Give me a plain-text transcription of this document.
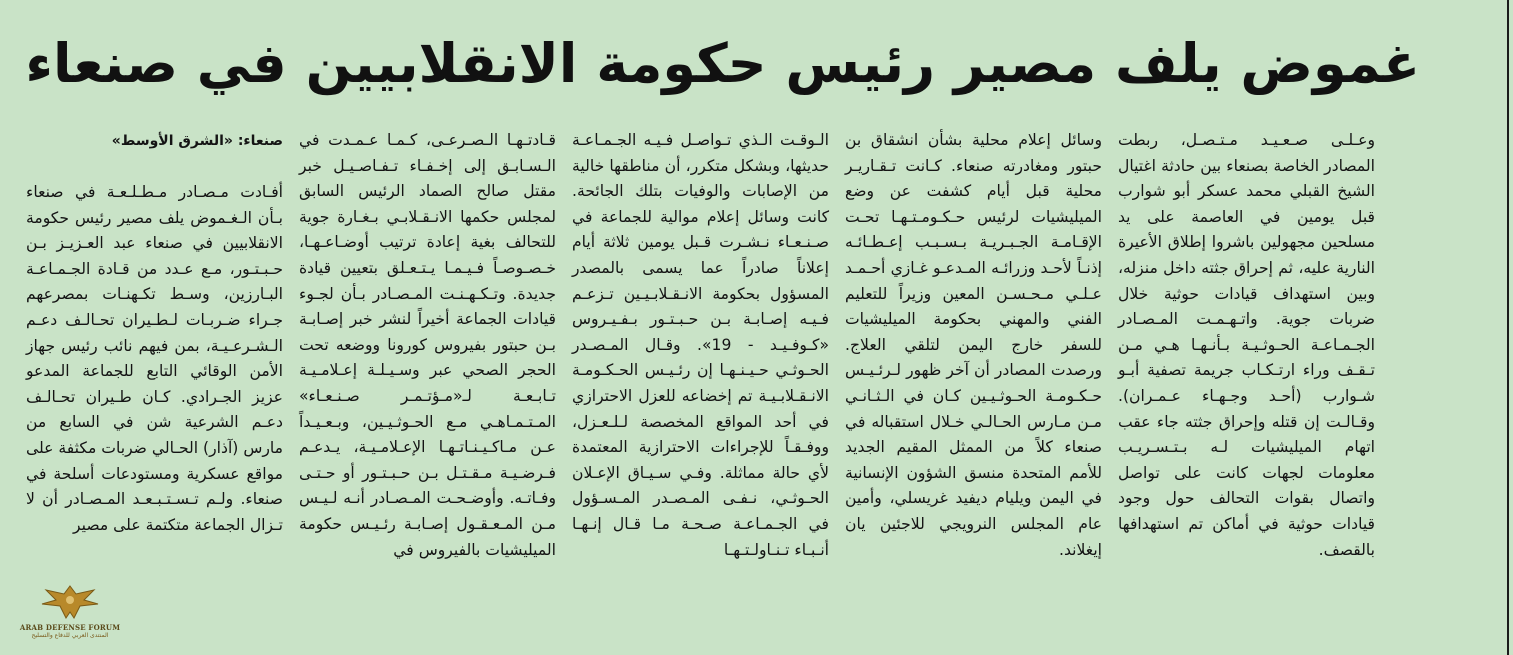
غموض يلف مصير رئيس حكومة الانقلابيين في صنعاء

صنعاء: «الشرق الأوسط»

أفـادت مـصـادر مـطـلـعـة في صنعاء بـأن الـغـموض يلف مصير رئيس حكومة الانقلابيين في صنعاء عبد العـزيـز بـن حـبـتـور، مـع عـدد من قـادة الجـمـاعـة البـارزين، وسـط تكـهنـات بمصرعهم جـراء ضـربـات لـطـيران تحـالـف دعـم الـشـرعـيـة، بمن فيهم نائب رئيس جهاز الأمن الوقائي التابع للجماعة المدعو عزيز الجـرادي. كـان طـيران تحـالـف دعـم الشرعية شن في السابع من مارس (آذار) الحـالي ضربات مكثفة على مواقع عسكرية ومستودعات أسلحة في صنعاء. ولـم تـسـتـبـعـد المـصـادر أن لا تـزال الجماعة متكتمة على مصير

قـادتـهـا الـصـرعـى، كـمـا عـمـدت في الـسـابـق إلى إخـفـاء تـفـاصـيـل خبر مقتل صالح الصماد الرئيس السابق لمجلس حكمها الانـقـلابـي بـغـارة جوية للتحالف بغية إعادة ترتيب أوضـاعـهـا، خـصـوصـاً فـيـمـا يـتـعـلق بتعيين قيادة جديدة. وتـكـهـنـت المـصـادر بـأن لجـوء قيادات الجماعة أخيراً لنشر خبر إصـابـة بـن حبتور بفيروس كورونا ووضعه تحت الحجر الصحي عبر وسـيـلـة إعـلامـيـة تـابـعـة لـ«مـؤتـمـر صـنـعـاء» المـتـمـاهـي مـع الحـوثـيـين، وبـعـيـداً عـن مـاكـيـنـاتـهـا الإعـلامـيـة، يـدعـم فـرضـيـة مـقـتـل بـن حـبـتـور أو حـتـى وفـاتـه. وأوضـحـت المـصـادر أنـه لـيـس مـن المـعـقـول إصـابـة رئـيـس حكومة الميليشيات بالفيروس في

الـوقـت الـذي تـواصـل فـيـه الجـمـاعـة حديثها، وبشكل متكرر، أن مناطقها خالية من الإصابات والوفيات بتلك الجائحة. كانت وسائل إعلام موالية للجماعة في صـنـعـاء نـشـرت قـبل يومين ثلاثة أيام إعلاناً صادراً عما يسمى بالمصدر المسؤول بحكومة الانـقـلابـيـين تـزعـم فـيـه إصـابـة بـن حـبـتـور بـفـيـروس «كـوفـيـد - 19». وقـال المـصـدر الحـوثـي حـيـنـهـا إن رئـيـس الحـكـومـة الانـقـلابـيـة تم إخضاعه للعزل الاحترازي في أحد المواقع المخصصة لـلـعـزل، ووفـقـاً للإجراءات الاحترازية المعتمدة لأي حالة مماثلة. وفـي سـيـاق الإعـلان الحـوثـي، نـفـى المـصـدر المـسـؤول في الجـمـاعـة صـحـة مـا قـال إنـهـا أنـبـاء تـنـاولـتـهـا

وسائل إعلام محلية بشأن انشقاق بن حبتور ومغادرته صنعاء. كـانت تـقـاريـر محلية قبل أيام كشفت عن وضع الميليشيات لرئيس حـكـومـتـهـا تحـت الإقـامـة الجـبـريـة بـسـبـب إعـطـائـه إذنـاً لأحـد وزرائـه المـدعـو غـازي أحـمـد عـلـي مـحـسـن المعين وزيراً للتعليم الفني والمهني بحكومة الميليشيات للسفر خارج اليمن لتلقي العلاج. ورصدت المصادر أن آخر ظهور لـرئـيـس حـكـومـة الحـوثـيـين كـان في الـثـانـي مـن مـارس الحـالـي خـلال استقباله في صنعاء كلاً من الممثل المقيم الجديد للأمم المتحدة منسق الشؤون الإنسانية في اليمن ويليام ديفيد غريسلي، وأمين عام المجلس النرويجي للاجئين يان إيغلاند.

وعـلـى صـعـيـد مـتـصـل، ربطت المصادر الخاصة بصنعاء بين حادثة اغتيال الشيخ القبلي محمد عسكر أبو شوارب قبل يومين في العاصمة على يد مسلحين مجهولين باشروا إطلاق الأعيرة النارية عليه، ثم إحراق جثته داخل منزله، وبين استهداف قيادات حوثية خلال ضربات جوية. واتـهـمـت المـصـادر الجـمـاعـة الحـوثـيـة بـأنـهـا هـي مـن تـقـف وراء ارتـكـاب جريمة تصفية أبـو شـوارب (أحـد وجـهـاء عـمـران). وقـالـت إن قتله وإحراق جثته جاء عقب اتهام الميليشيات لـه بـتـسـريـب معلومات لجهات كانت على تواصل واتصال بقوات التحالف حول وجود قيادات حوثية في أماكن تم استهدافها بالقصف.

ARAB DEFENSE FORUM
المنتدى العربي للدفاع والتسليح
